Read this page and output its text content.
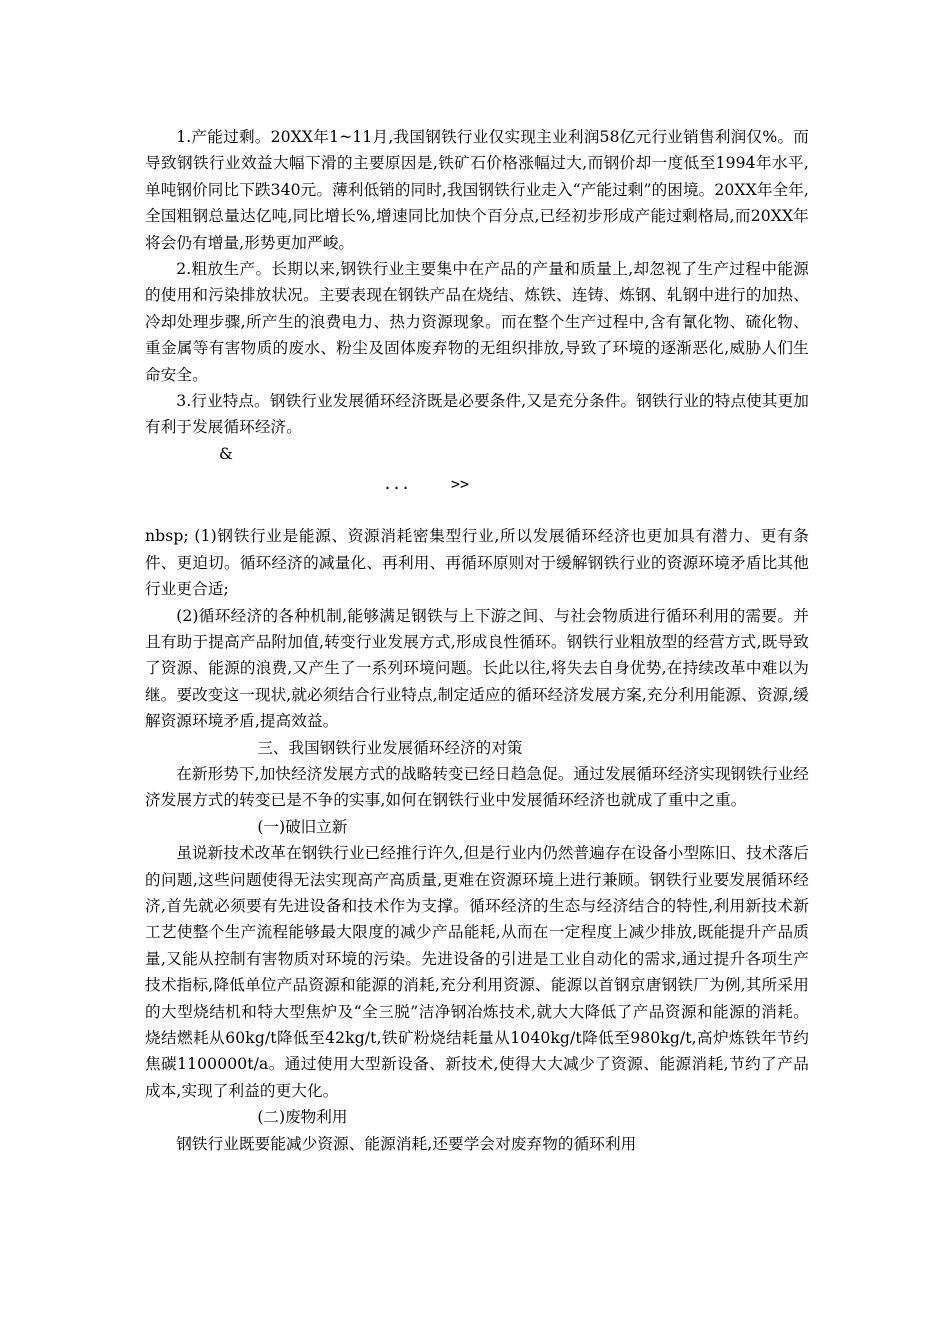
1.产能过剩。20XX年1~11月,我国钢铁行业仅实现主业利润58亿元行业销售利润仅%。而导致钢铁行业效益大幅下滑的主要原因是,铁矿石价格涨幅过大,而钢价却一度低至1994年水平,单吨钢价同比下跌340元。薄利低销的同时,我国钢铁行业走入“产能过剩”的困境。20XX年全年,全国粗钢总量达亿吨,同比增长%,增速同比加快个百分点,已经初步形成产能过剩格局,而20XX年将会仍有增量,形势更加严峻。

2.粗放生产。长期以来,钢铁行业主要集中在产品的产量和质量上,却忽视了生产过程中能源的使用和污染排放状况。主要表现在钢铁产品在烧结、炼铁、连铸、炼钢、轧钢中进行的加热、冷却处理步骤,所产生的浪费电力、热力资源现象。而在整个生产过程中,含有氰化物、硫化物、重金属等有害物质的废水、粉尘及固体废弃物的无组织排放,导致了环境的逐渐恶化,威胁人们生命安全。

3.行业特点。钢铁行业发展循环经济既是必要条件,又是充分条件。钢铁行业的特点使其更加有利于发展循环经济。

&

...	>>

nbsp; (1)钢铁行业是能源、资源消耗密集型行业,所以发展循环经济也更加具有潜力、更有条件、更迫切。循环经济的减量化、再利用、再循环原则对于缓解钢铁行业的资源环境矛盾比其他行业更合适;

(2)循环经济的各种机制,能够满足钢铁与上下游之间、与社会物质进行循环利用的需要。并且有助于提高产品附加值,转变行业发展方式,形成良性循环。钢铁行业粗放型的经营方式,既导致了资源、能源的浪费,又产生了一系列环境问题。长此以往,将失去自身优势,在持续改革中难以为继。要改变这一现状,就必须结合行业特点,制定适应的循环经济发展方案,充分利用能源、资源,缓解资源环境矛盾,提高效益。

三、我国钢铁行业发展循环经济的对策

在新形势下,加快经济发展方式的战略转变已经日趋急促。通过发展循环经济实现钢铁行业经济发展方式的转变已是不争的实事,如何在钢铁行业中发展循环经济也就成了重中之重。

(一)破旧立新

虽说新技术改革在钢铁行业已经推行许久,但是行业内仍然普遍存在设备小型陈旧、技术落后的问题,这些问题使得无法实现高产高质量,更难在资源环境上进行兼顾。钢铁行业要发展循环经济,首先就必须要有先进设备和技术作为支撑。循环经济的生态与经济结合的特性,利用新技术新工艺使整个生产流程能够最大限度的减少产品能耗,从而在一定程度上减少排放,既能提升产品质量,又能从控制有害物质对环境的污染。先进设备的引进是工业自动化的需求,通过提升各项生产技术指标,降低单位产品资源和能源的消耗,充分利用资源、能源以首钢京唐钢铁厂为例,其所采用的大型烧结机和特大型焦炉及“全三脱”洁净钢冶炼技术,就大大降低了产品资源和能源的消耗。烧结燃耗从60kg/t降低至42kg/t,铁矿粉烧结耗量从1040kg/t降低至980kg/t,高炉炼铁年节约焦碳1100000t/a。通过使用大型新设备、新技术,使得大大减少了资源、能源消耗,节约了产品成本,实现了利益的更大化。

(二)废物利用

钢铁行业既要能减少资源、能源消耗,还要学会对废弃物的循环利用
